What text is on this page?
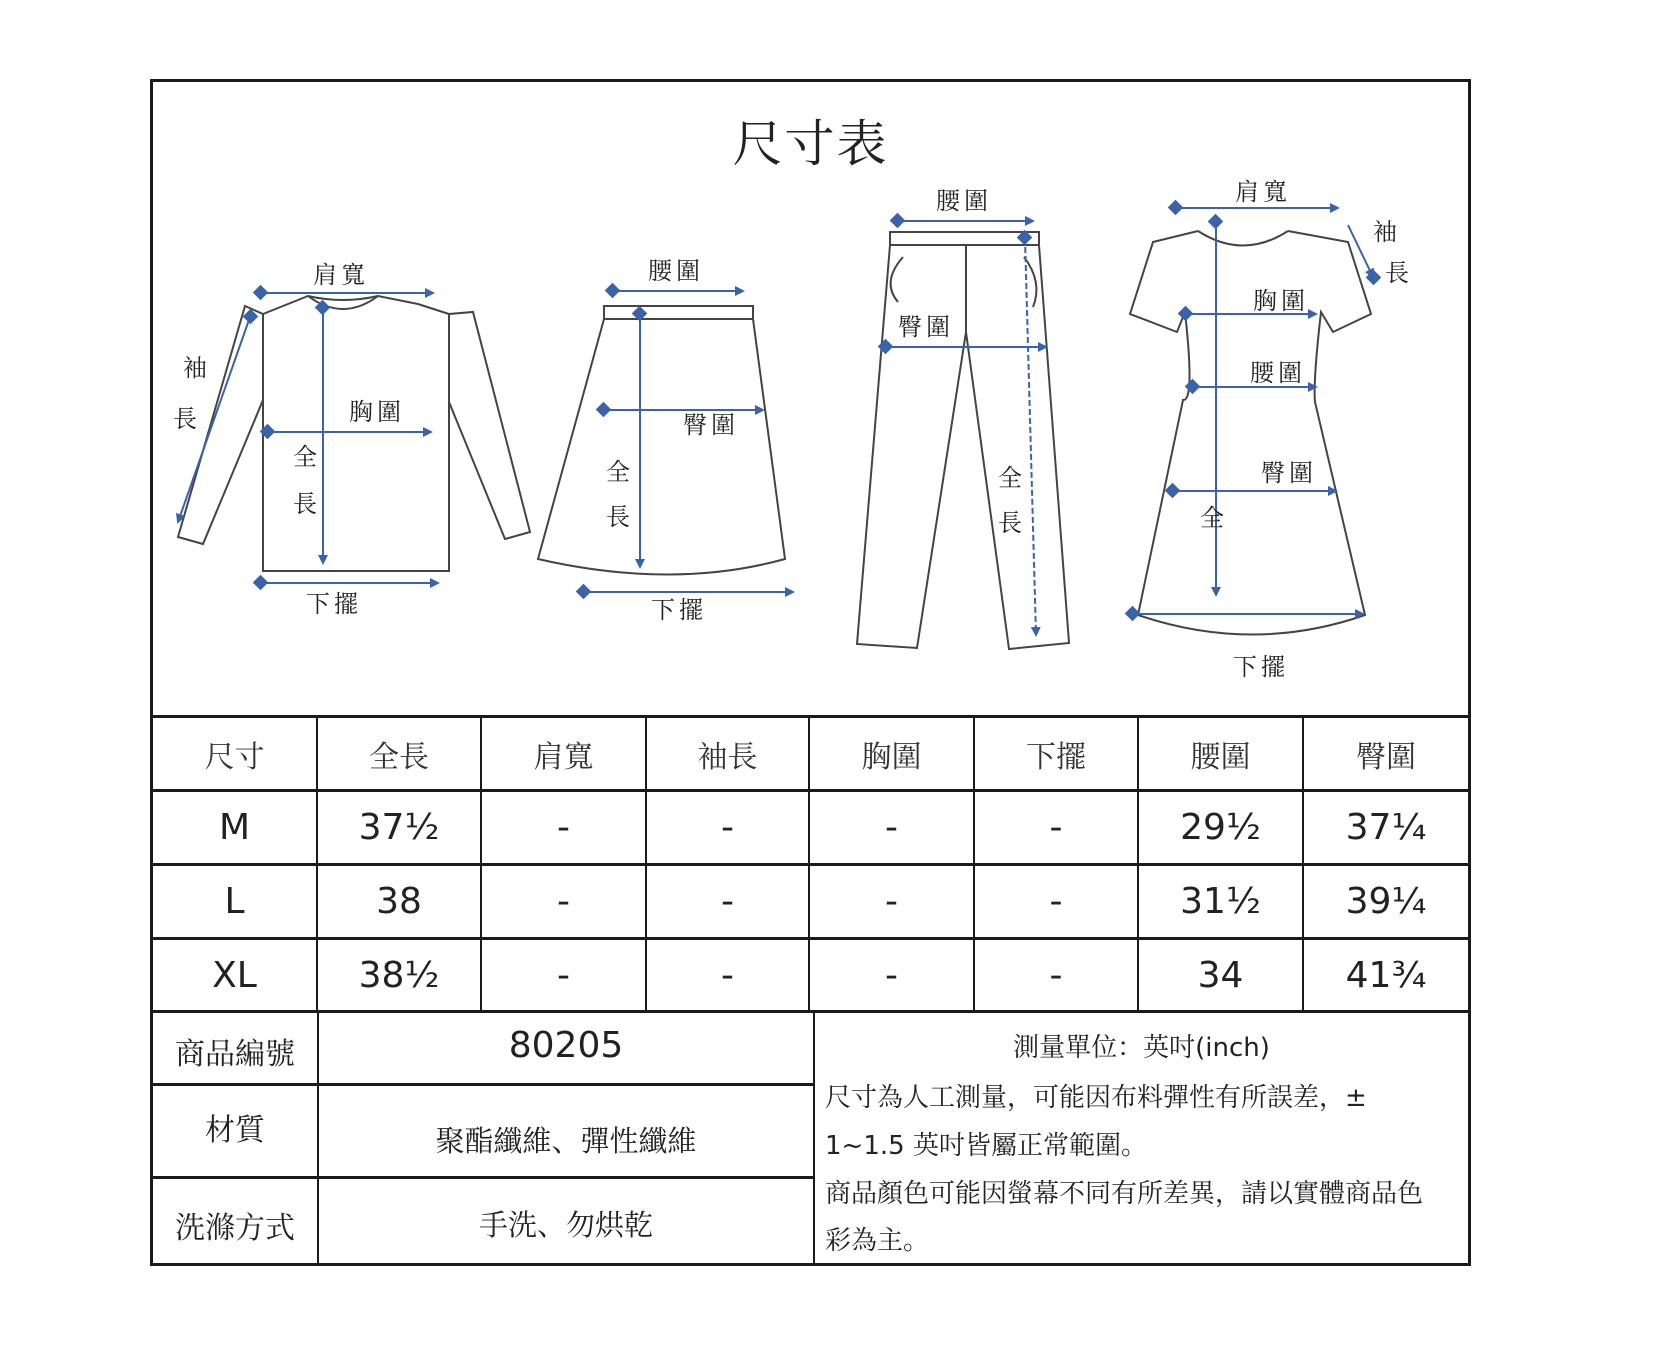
尺寸表
肩寬
袖
長	胸圍
全
長
下擺
腰圍
臀圍
全
長
下擺
腰圍
臀圍
全
長
肩寬
袖
長
胸圍
腰圍
臀圍
全
下擺
尺寸	全長	肩寬	袖長	胸圍	下擺	腰圍	臀圍
M	37½	-	-	-	-	29½	37¼
L	38	-	-	-	-	31½	39¼
XL	38½	-	-	-	-	34	41¾
商品編號	80205
材質	聚酯纖維、彈性纖維
洗滌方式	手洗、勿烘乾
測量單位：英吋(inch)
尺寸為人工測量，可能因布料彈性有所誤差，±
1~1.5 英吋皆屬正常範圍。
商品顏色可能因螢幕不同有所差異，請以實體商品色
彩為主。
